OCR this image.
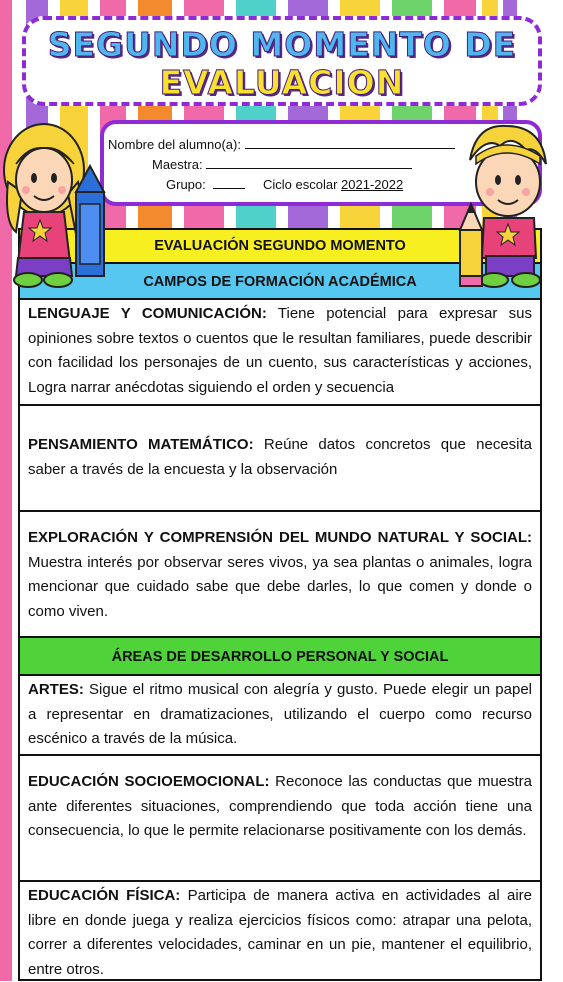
SEGUNDO MOMENTO DE
EVALUACION
Nombre del alumno(a):
Maestra:
Grupo:	Ciclo escolar 2021-2022
EVALUACIÓN SEGUNDO MOMENTO
CAMPOS DE FORMACIÓN ACADÉMICA
LENGUAJE Y COMUNICACIÓN: Tiene potencial para expresar sus opiniones sobre textos o cuentos que le resultan familiares, puede describir con facilidad los personajes de un cuento, sus características y acciones, Logra narrar anécdotas siguiendo el orden y secuencia
PENSAMIENTO MATEMÁTICO: Reúne datos concretos que necesita saber a través de la encuesta y la observación
EXPLORACIÓN Y COMPRENSIÓN DEL MUNDO NATURAL Y SOCIAL: Muestra interés por observar seres vivos, ya sea plantas o animales, logra mencionar que cuidado sabe que debe darles, lo que comen y donde o como viven.
ÁREAS DE DESARROLLO PERSONAL Y SOCIAL
ARTES: Sigue el ritmo musical con alegría y gusto. Puede elegir un papel a representar en dramatizaciones, utilizando el cuerpo como recurso escénico a través de la música.
EDUCACIÓN SOCIOEMOCIONAL: Reconoce las conductas que muestra ante diferentes situaciones, comprendiendo que toda acción tiene una consecuencia, lo que le permite relacionarse positivamente con los demás.
EDUCACIÓN FÍSICA: Participa de manera activa en actividades al aire libre en donde juega y realiza ejercicios físicos como: atrapar una pelota, correr a diferentes velocidades, caminar en un pie, mantener el equilibrio, entre otros.
